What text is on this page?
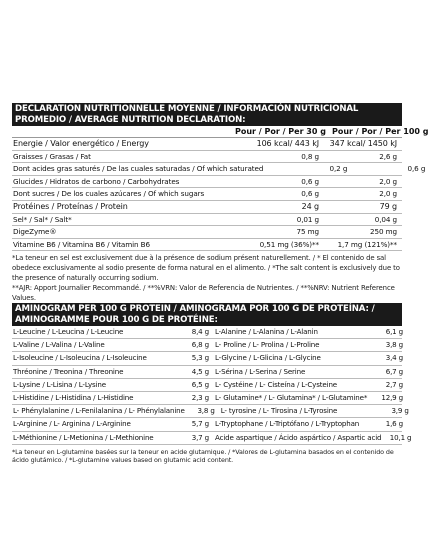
DECLARATION NUTRITIONNELLE MOYENNE / INFORMACIÓN NUTRICIONAL
PROMEDIO / AVERAGE NUTRITION DECLARATION:
Pour / Por / Per 30 g Pour / Por / Per 100 g
Energie / Valor energético / Energy	106 kcal/ 443 kJ	347 kcal/ 1450 kJ
Graisses / Grasas / Fat	0,8 g	2,6 g
Dont acides gras saturés / De las cuales saturadas / Of which saturated	0,2 g	0,6 g
Glucides / Hidratos de carbono / Carbohydrates	0,6 g	2,0 g
Dont sucres / De los cuales azúcares / Of which sugars	0,6 g	2,0 g
Protéines / Proteínas / Protein	24 g	79 g
Sel* / Sal* / Salt*	0,01 g	0,04 g
DigeZyme®	75 mg	250 mg
Vitamine B6 / Vitamina B6 / Vitamin B6	0,51 mg (36%)**	1,7 mg (121%)**
*La teneur en sel est exclusivement due à la présence de sodium présent naturellement. / * El contenido de sal obedece exclusivamente al sodio presente de forma natural en el alimento. / *The salt content is exclusively due to the presence of naturally occurring sodium.
**AJR: Apport Journalier Recommandé. / **%VRN: Valor de Referencia de Nutrientes. / **%NRV: Nutrient Reference Values.
AMINOGRAM PER 100 G PROTEIN / AMINOGRAMA POR 100 G DE PROTEÍNA: /
AMINOGRAMME POUR 100 G DE PROTÉINE:
L-Leucine / L-Leucina / L-Leucine	8,4 g L-Alanine / L-Alanina / L-Alanin	6,1 g
L-Valine / L-Valina / L-Valine	6,8 g L- Proline / L- Prolina / L-Proline	3,8 g
L-Isoleucine / L-Isoleucina / L-Isoleucine	5,3 g L-Glycine / L-Glicina / L-Glycine	3,4 g
Thréonine / Treonina / Threonine	4,5 g L-Sérina / L-Serina / Serine	6,7 g
L-Lysine / L-Lisina / L-Lysine	6,5 g L- Cystéine / L- Cisteína / L-Cysteine	2,7 g
L-Histidine / L-Histidina / L-Histidine	2,3 g L- Glutamine* / L- Glutamina* / L-Glutamine*	12,9 g
L- Phénylalanine / L-Fenilalanina / L- Phénylalanine	3,8 g L- tyrosine / L- Tirosina / L-Tyrosine	3,9 g
L-Arginine / L- Arginina / L-Arginine	5,7 g L-Tryptophane / L-Triptófano / L-Tryptophan	1,6 g
L-Méthionine / L-Metionina / L-Methionine	3,7 g Acide aspartique / Ácido aspártico / Aspartic acid	10,1 g
*La teneur en L-glutamine basées sur la teneur en acide glutamique. / *Valores de L-glutamina basados en el contenido de ácido glutámico. / *L-glutamine values based on glutamic acid content.
